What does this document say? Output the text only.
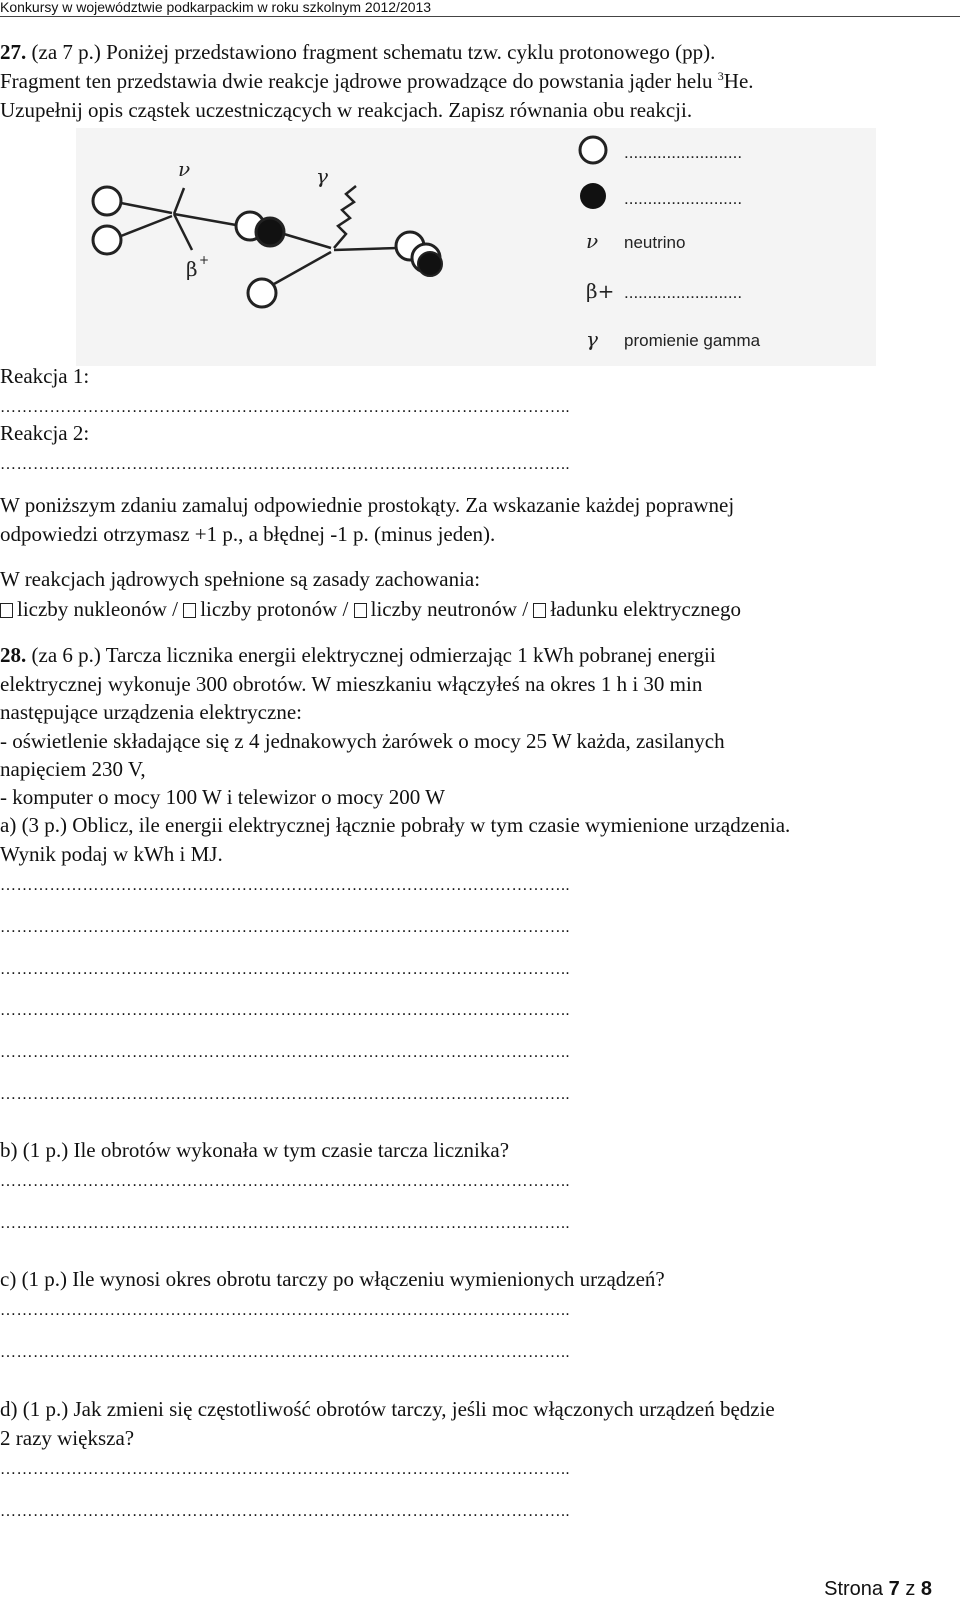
Konkursy w województwie podkarpackim w roku szkolnym 2012/2013
27. (za 7 p.) Poniżej przedstawiono fragment schematu tzw. cyklu protonowego (pp).
Fragment ten przedstawia dwie reakcje jądrowe prowadzące do powstania jąder helu $^3$He.
Uzupełnij opis cząstek uczestniczących w reakcjach. Zapisz równania obu reakcji.
ν
β +
γ
.........................
.........................
ν neutrino
β+ .........................
γ promienie gamma
Reakcja 1:
…………………………………………………………………………………………..
Reakcja 2:
…………………………………………………………………………………………..
W poniższym zdaniu zamaluj odpowiednie prostokąty. Za wskazanie każdej poprawnej
odpowiedzi otrzymasz +1 p., a błędnej -1 p. (minus jeden).
W reakcjach jądrowych spełnione są zasady zachowania:
liczby nukleonów / liczby protonów / liczby neutronów / ładunku elektrycznego
28. (za 6 p.) Tarcza licznika energii elektrycznej odmierzając 1 kWh pobranej energii
elektrycznej wykonuje 300 obrotów. W mieszkaniu włączyłeś na okres 1 h i 30 min
następujące urządzenia elektryczne:
- oświetlenie składające się z 4 jednakowych żarówek o mocy 25 W każda, zasilanych
napięciem 230 V,
- komputer o mocy 100 W i telewizor o mocy 200 W
a) (3 p.) Oblicz, ile energii elektrycznej łącznie pobrały w tym czasie wymienione urządzenia.
Wynik podaj w kWh i MJ.
…………………………………………………………………………………………..
…………………………………………………………………………………………..
…………………………………………………………………………………………..
…………………………………………………………………………………………..
…………………………………………………………………………………………..
…………………………………………………………………………………………..
b) (1 p.) Ile obrotów wykonała w tym czasie tarcza licznika?
…………………………………………………………………………………………..
…………………………………………………………………………………………..
c) (1 p.) Ile wynosi okres obrotu tarczy po włączeniu wymienionych urządzeń?
…………………………………………………………………………………………..
…………………………………………………………………………………………..
d) (1 p.) Jak zmieni się częstotliwość obrotów tarczy, jeśli moc włączonych urządzeń będzie
2 razy większa?
…………………………………………………………………………………………..
…………………………………………………………………………………………..
Strona 7 z 8
